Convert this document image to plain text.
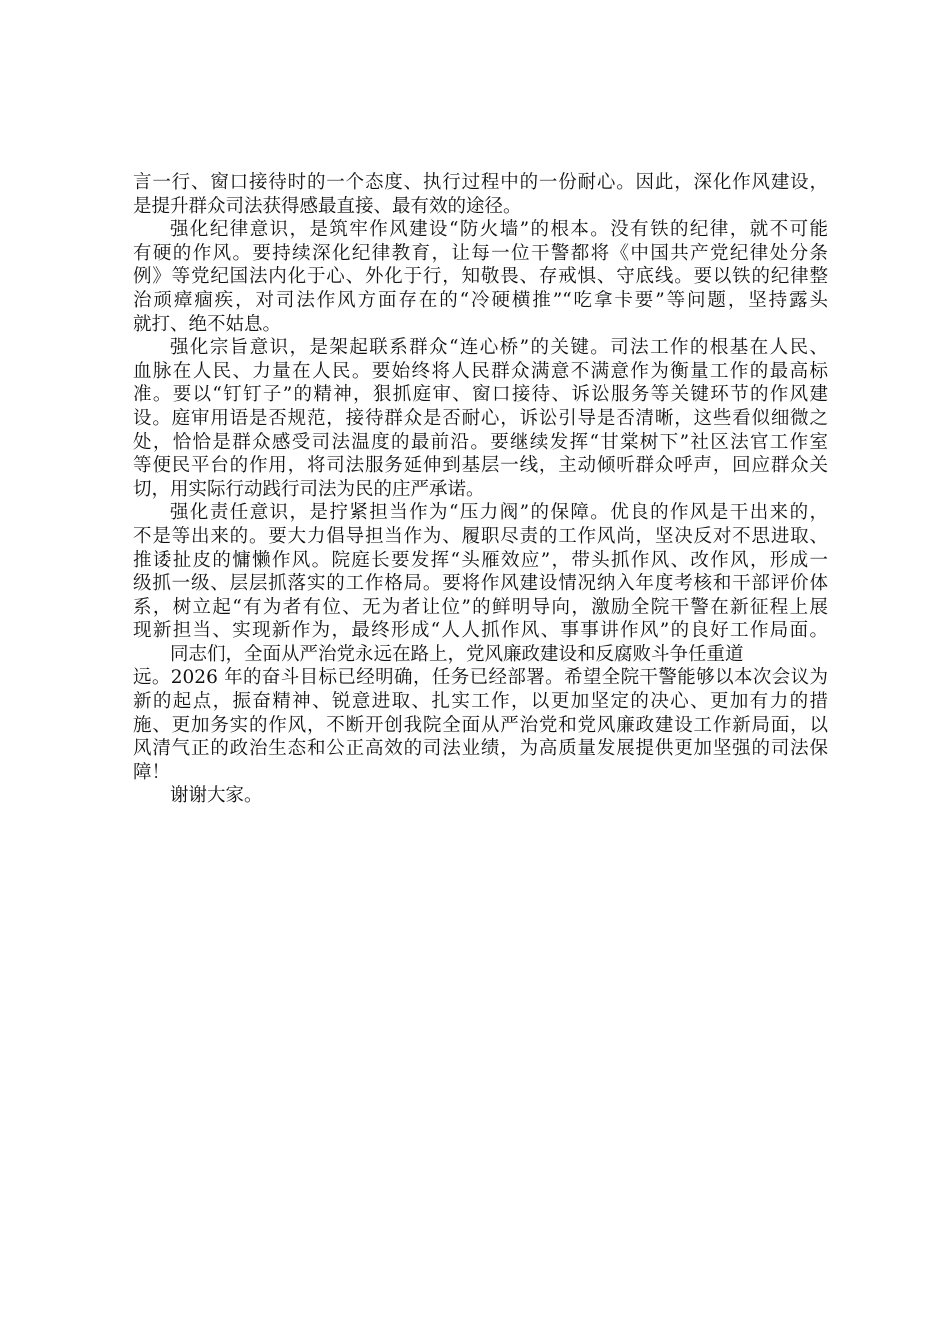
言一行、窗口接待时的一个态度、执行过程中的一份耐心。因此，深化作风建设，
是提升群众司法获得感最直接、最有效的途径。
强化纪律意识，是筑牢作风建设“防火墙”的根本。没有铁的纪律，就不可能
有硬的作风。要持续深化纪律教育，让每一位干警都将《中国共产党纪律处分条
例》等党纪国法内化于心、外化于行，知敬畏、存戒惧、守底线。要以铁的纪律整
治顽瘴痼疾，对司法作风方面存在的“冷硬横推”“吃拿卡要”等问题，坚持露头
就打、绝不姑息。
强化宗旨意识，是架起联系群众“连心桥”的关键。司法工作的根基在人民、
血脉在人民、力量在人民。要始终将人民群众满意不满意作为衡量工作的最高标
准。要以“钉钉子”的精神，狠抓庭审、窗口接待、诉讼服务等关键环节的作风建
设。庭审用语是否规范，接待群众是否耐心，诉讼引导是否清晰，这些看似细微之
处，恰恰是群众感受司法温度的最前沿。要继续发挥“甘棠树下”社区法官工作室
等便民平台的作用，将司法服务延伸到基层一线，主动倾听群众呼声，回应群众关
切，用实际行动践行司法为民的庄严承诺。
强化责任意识，是拧紧担当作为“压力阀”的保障。优良的作风是干出来的，
不是等出来的。要大力倡导担当作为、履职尽责的工作风尚，坚决反对不思进取、
推诿扯皮的慵懒作风。院庭长要发挥“头雁效应”，带头抓作风、改作风，形成一
级抓一级、层层抓落实的工作格局。要将作风建设情况纳入年度考核和干部评价体
系，树立起“有为者有位、无为者让位”的鲜明导向，激励全院干警在新征程上展
现新担当、实现新作为，最终形成“人人抓作风、事事讲作风”的良好工作局面。
同志们，全面从严治党永远在路上，党风廉政建设和反腐败斗争任重道
远。2026 年的奋斗目标已经明确，任务已经部署。希望全院干警能够以本次会议为
新的起点，振奋精神、锐意进取、扎实工作，以更加坚定的决心、更加有力的措
施、更加务实的作风，不断开创我院全面从严治党和党风廉政建设工作新局面，以
风清气正的政治生态和公正高效的司法业绩，为高质量发展提供更加坚强的司法保
障！
谢谢大家。
